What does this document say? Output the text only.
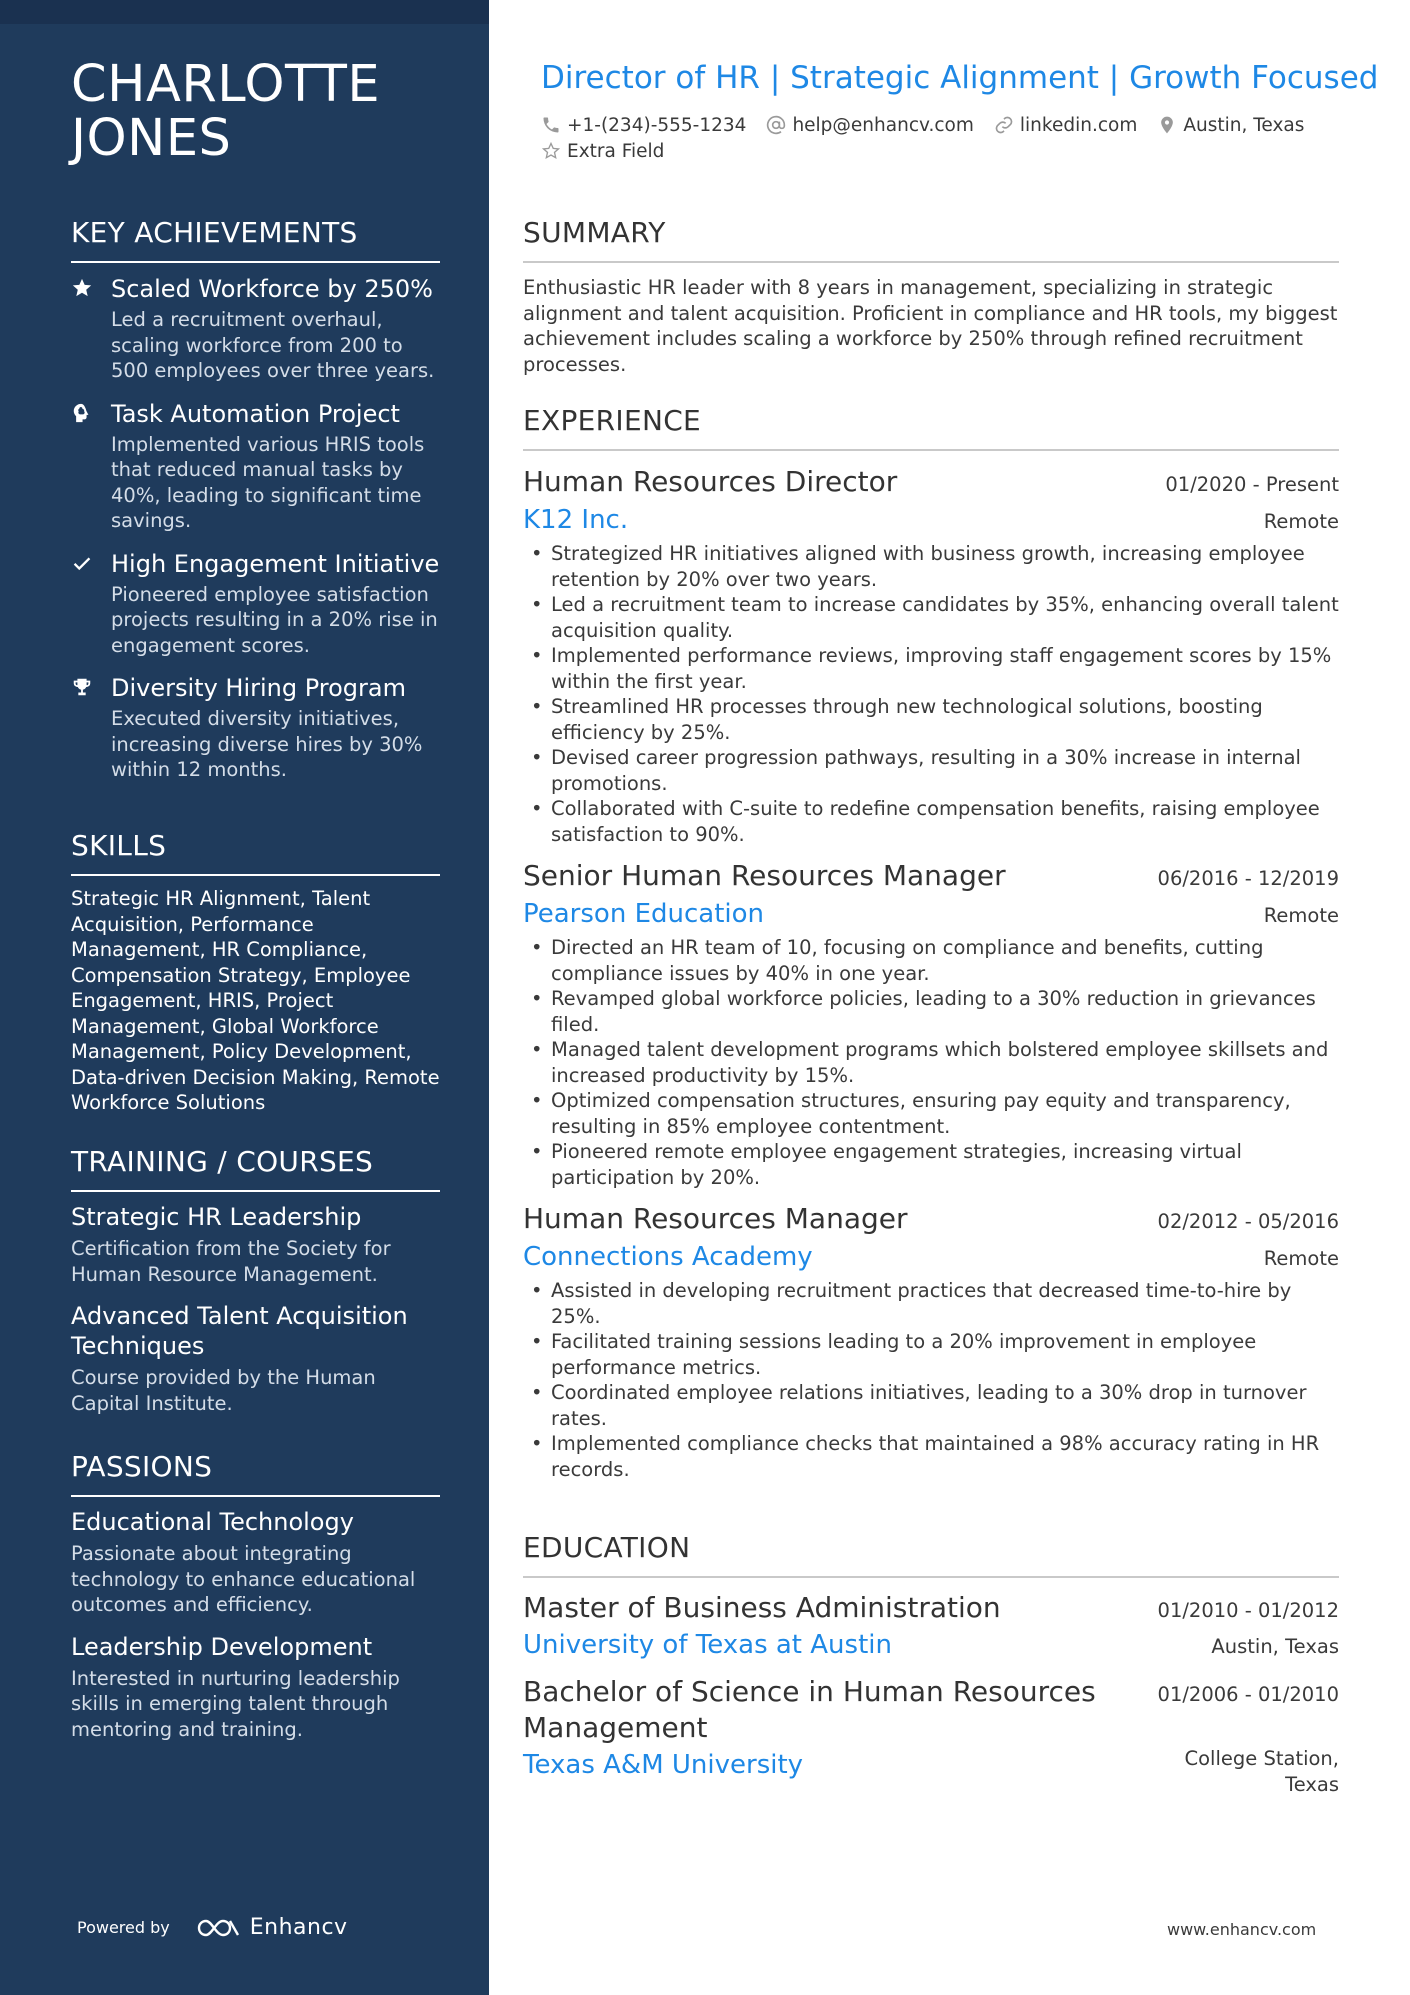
CHARLOTTE JONES
KEY ACHIEVEMENTS
Scaled Workforce by 250%
Led a recruitment overhaul, scaling workforce from 200 to 500 employees over three years.
Task Automation Project
Implemented various HRIS tools that reduced manual tasks by 40%, leading to significant time savings.
High Engagement Initiative
Pioneered employee satisfaction projects resulting in a 20% rise in engagement scores.
Diversity Hiring Program
Executed diversity initiatives, increasing diverse hires by 30% within 12 months.
SKILLS
Strategic HR Alignment, Talent Acquisition, Performance Management, HR Compliance, Compensation Strategy, Employee Engagement, HRIS, Project Management, Global Workforce Management, Policy Development, Data-driven Decision Making, Remote Workforce Solutions
TRAINING / COURSES
Strategic HR Leadership
Certification from the Society for Human Resource Management.
Advanced Talent Acquisition Techniques
Course provided by the Human Capital Institute.
PASSIONS
Educational Technology
Passionate about integrating technology to enhance educational outcomes and efficiency.
Leadership Development
Interested in nurturing leadership skills in emerging talent through mentoring and training.
Powered by	Enhancv
Director of HR | Strategic Alignment | Growth Focused
+1-(234)-555-1234 help@enhancv.com linkedin.com Austin, Texas
Extra Field
SUMMARY
Enthusiastic HR leader with 8 years in management, specializing in strategic alignment and talent acquisition. Proficient in compliance and HR tools, my biggest achievement includes scaling a workforce by 250% through refined recruitment processes.
EXPERIENCE
Human Resources Director	01/2020 - Present
K12 Inc.	Remote
• Strategized HR initiatives aligned with business growth, increasing employee retention by 20% over two years.
• Led a recruitment team to increase candidates by 35%, enhancing overall talent acquisition quality.
• Implemented performance reviews, improving staff engagement scores by 15% within the first year.
• Streamlined HR processes through new technological solutions, boosting efficiency by 25%.
• Devised career progression pathways, resulting in a 30% increase in internal promotions.
• Collaborated with C-suite to redefine compensation benefits, raising employee satisfaction to 90%.
Senior Human Resources Manager	06/2016 - 12/2019
Pearson Education	Remote
• Directed an HR team of 10, focusing on compliance and benefits, cutting compliance issues by 40% in one year.
• Revamped global workforce policies, leading to a 30% reduction in grievances filed.
• Managed talent development programs which bolstered employee skillsets and increased productivity by 15%.
• Optimized compensation structures, ensuring pay equity and transparency, resulting in 85% employee contentment.
• Pioneered remote employee engagement strategies, increasing virtual participation by 20%.
Human Resources Manager	02/2012 - 05/2016
Connections Academy	Remote
• Assisted in developing recruitment practices that decreased time-to-hire by 25%.
• Facilitated training sessions leading to a 20% improvement in employee performance metrics.
• Coordinated employee relations initiatives, leading to a 30% drop in turnover rates.
• Implemented compliance checks that maintained a 98% accuracy rating in HR records.
EDUCATION
Master of Business Administration	01/2010 - 01/2012
University of Texas at Austin	Austin, Texas
Bachelor of Science in Human Resources Management
01/2006 - 01/2010
Texas A&M University	College Station, Texas
www.enhancv.com
